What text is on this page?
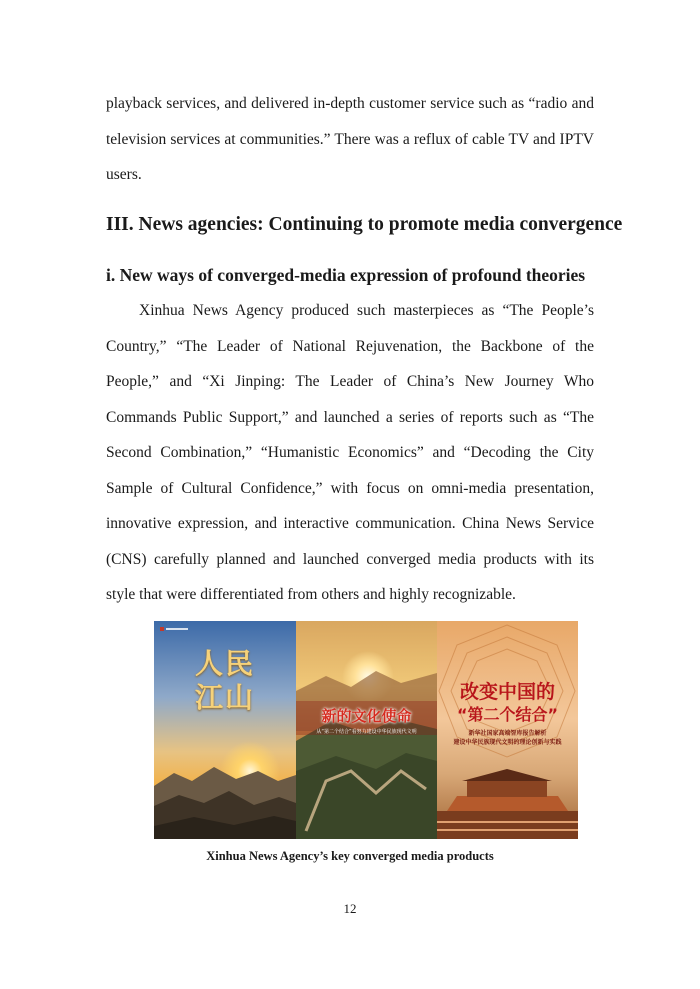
playback services, and delivered in-depth customer service such as “radio and television services at communities.” There was a reflux of cable TV and IPTV users.

III. News agencies: Continuing to promote media convergence
i. New ways of converged-media expression of profound theories

Xinhua News Agency produced such masterpieces as “The People’s Country,” “The Leader of National Rejuvenation, the Backbone of the People,” and “Xi Jinping: The Leader of China’s New Journey Who Commands Public Support,” and launched a series of reports such as “The Second Combination,” “Humanistic Economics” and “Decoding the City Sample of Cultural Confidence,” with focus on omni-media presentation, innovative expression, and interactive communication. China News Service (CNS) carefully planned and launched converged media products with its style that were differentiated from others and highly recognizable.

人民江山
新的文化使命
从“第二个结合”看努力建设中华民族现代文明
改变中国的
“第二个结合”
新华社国家高端智库报告解析
建设中华民族现代文明的理论创新与实践

Xinhua News Agency’s key converged media products

12
